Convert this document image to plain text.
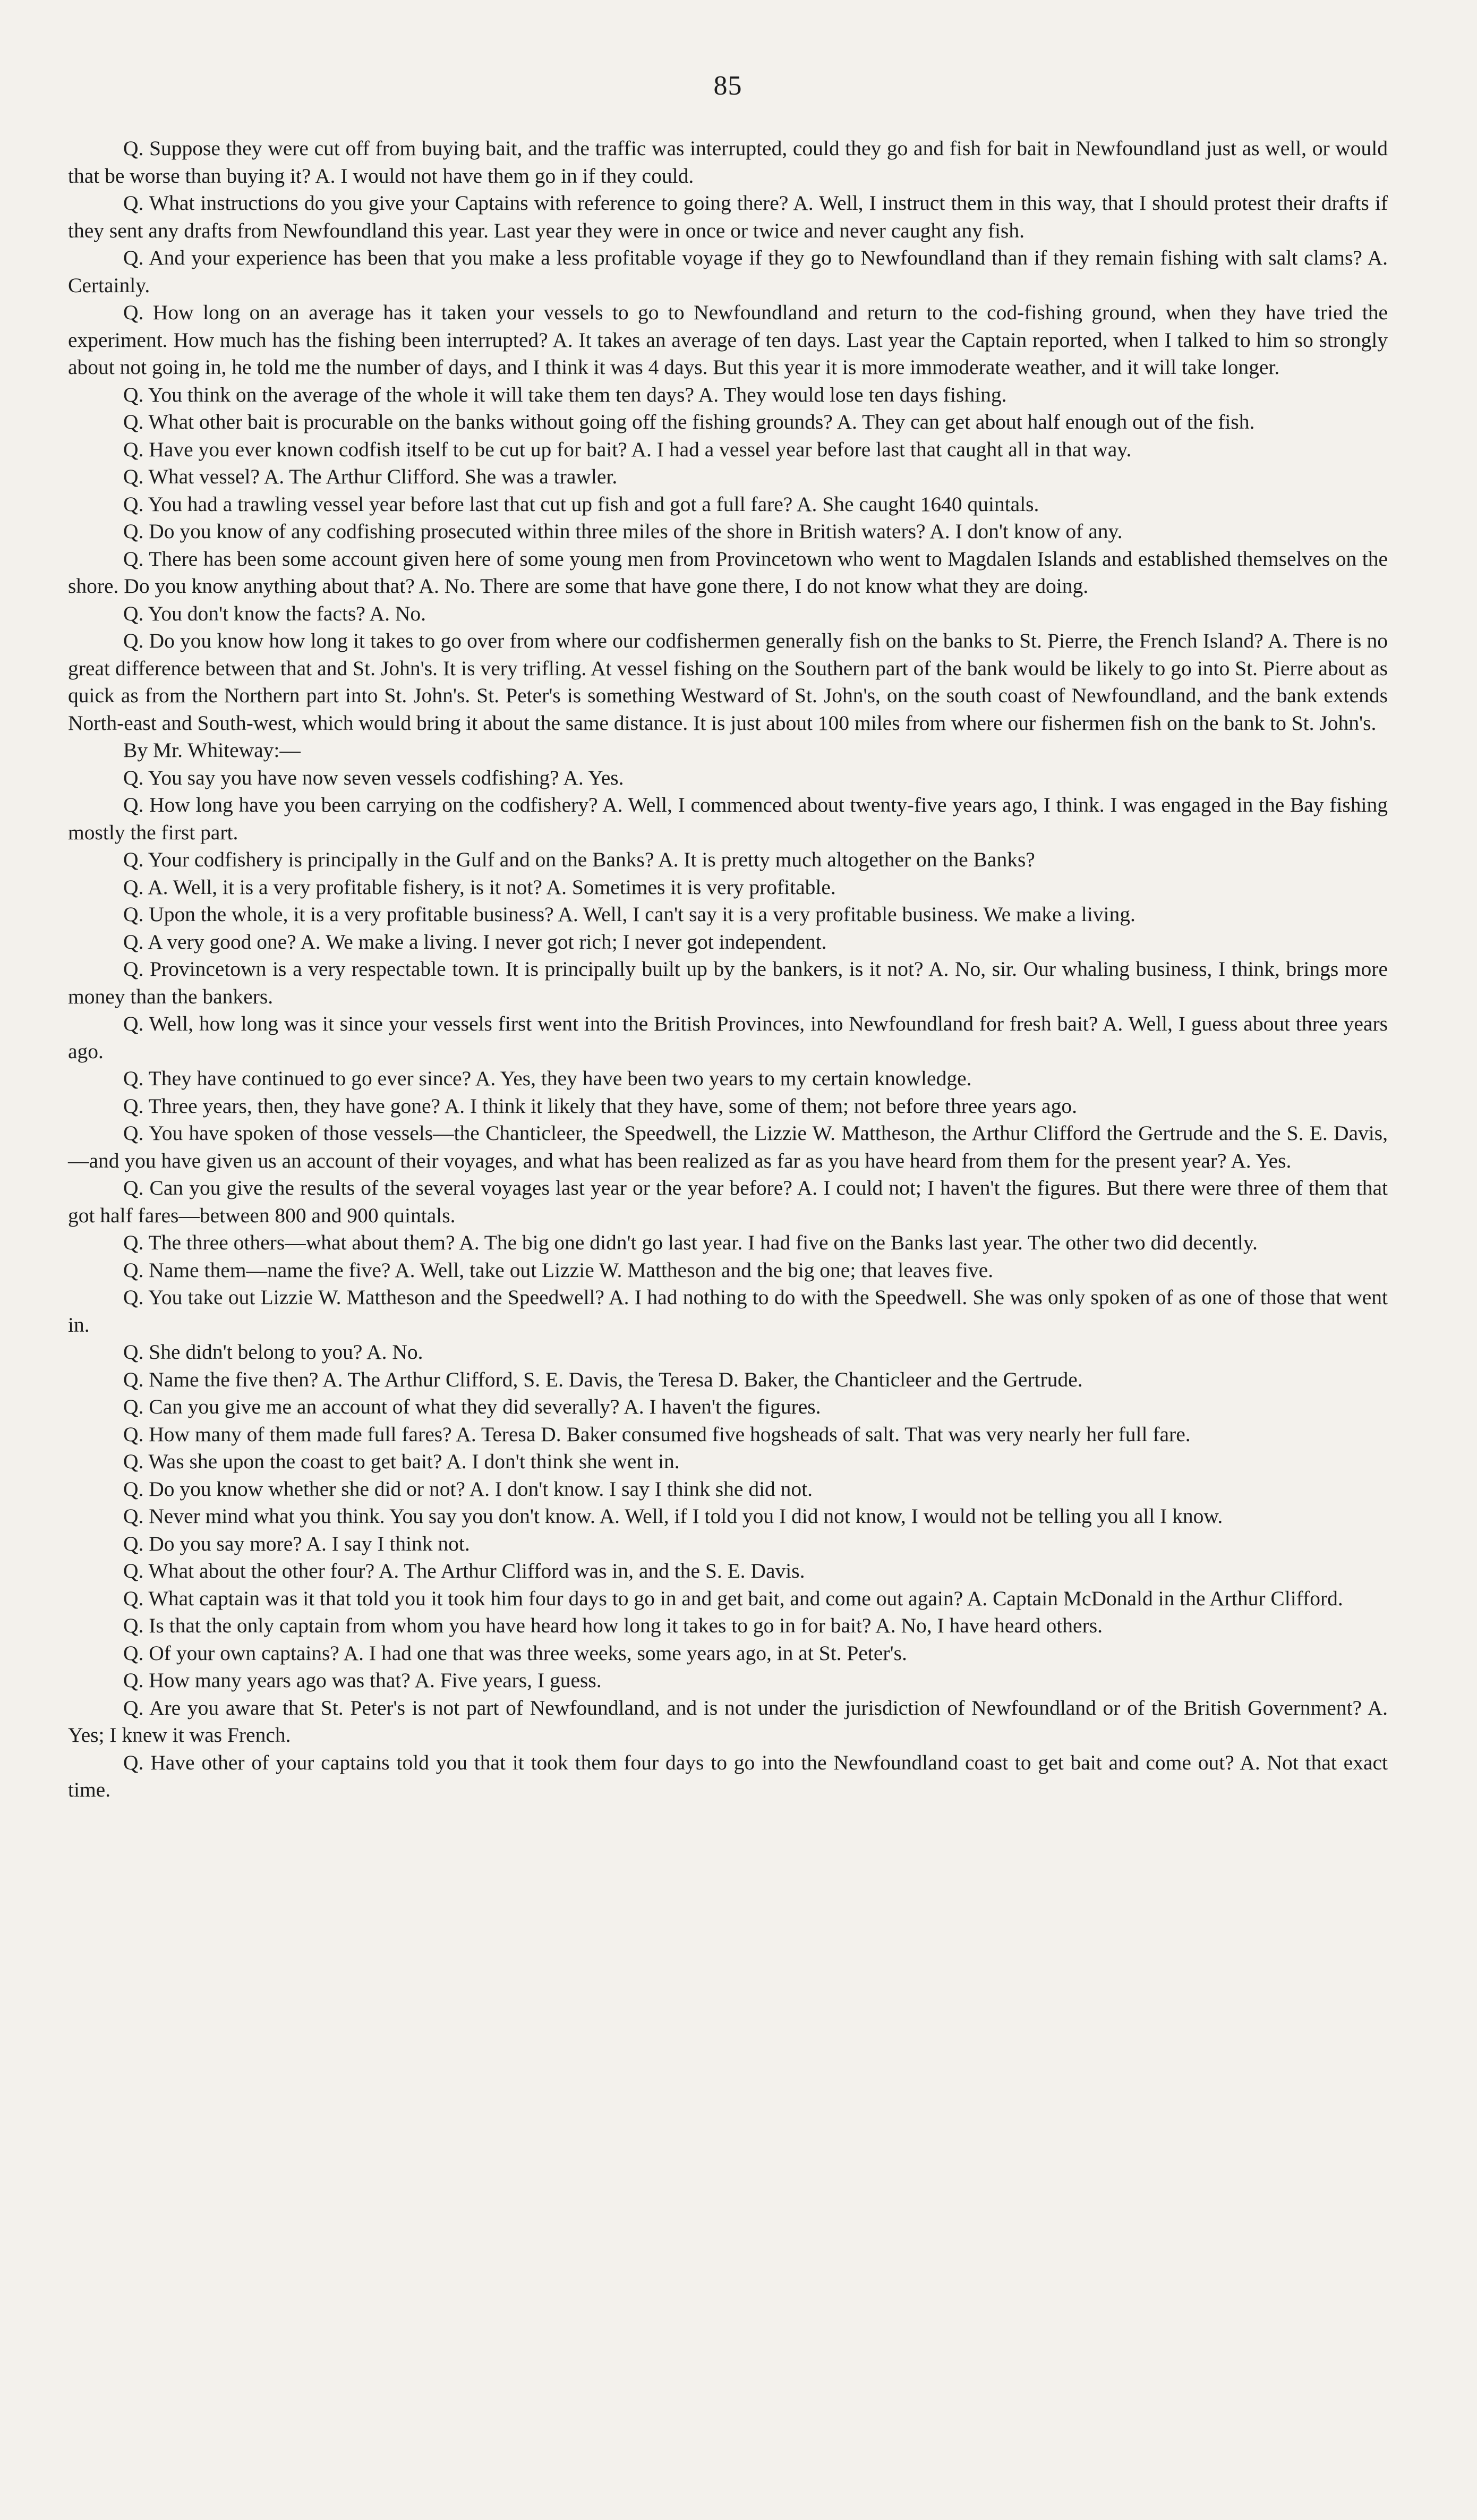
85

Q. Suppose they were cut off from buying bait, and the traffic was interrupted, could they go and fish for bait in Newfoundland just as well, or would that be worse than buying it? A. I would not have them go in if they could.

Q. What instructions do you give your Captains with reference to going there? A. Well, I instruct them in this way, that I should protest their drafts if they sent any drafts from Newfoundland this year. Last year they were in once or twice and never caught any fish.

Q. And your experience has been that you make a less profitable voyage if they go to Newfoundland than if they remain fishing with salt clams? A. Certainly.

Q. How long on an average has it taken your vessels to go to Newfoundland and return to the cod-fishing ground, when they have tried the experiment. How much has the fishing been interrupted? A. It takes an average of ten days. Last year the Captain reported, when I talked to him so strongly about not going in, he told me the number of days, and I think it was 4 days. But this year it is more immoderate weather, and it will take longer.

Q. You think on the average of the whole it will take them ten days? A. They would lose ten days fishing.

Q. What other bait is procurable on the banks without going off the fishing grounds? A. They can get about half enough out of the fish.

Q. Have you ever known codfish itself to be cut up for bait? A. I had a vessel year before last that caught all in that way.

Q. What vessel? A. The Arthur Clifford. She was a trawler.

Q. You had a trawling vessel year before last that cut up fish and got a full fare? A. She caught 1640 quintals.

Q. Do you know of any codfishing prosecuted within three miles of the shore in British waters? A. I don't know of any.

Q. There has been some account given here of some young men from Provincetown who went to Magdalen Islands and established themselves on the shore. Do you know anything about that? A. No. There are some that have gone there, I do not know what they are doing.

Q. You don't know the facts? A. No.

Q. Do you know how long it takes to go over from where our codfishermen generally fish on the banks to St. Pierre, the French Island? A. There is no great difference between that and St. John's. It is very trifling. At vessel fishing on the Southern part of the bank would be likely to go into St. Pierre about as quick as from the Northern part into St. John's. St. Peter's is something Westward of St. John's, on the south coast of Newfoundland, and the bank extends North-east and South-west, which would bring it about the same distance. It is just about 100 miles from where our fishermen fish on the bank to St. John's.

By Mr. Whiteway:—

Q. You say you have now seven vessels codfishing? A. Yes.

Q. How long have you been carrying on the codfishery? A. Well, I commenced about twenty-five years ago, I think. I was engaged in the Bay fishing mostly the first part.

Q. Your codfishery is principally in the Gulf and on the Banks? A. It is pretty much altogether on the Banks?

Q. A. Well, it is a very profitable fishery, is it not? A. Sometimes it is very profitable.

Q. Upon the whole, it is a very profitable business? A. Well, I can't say it is a very profitable business. We make a living.

Q. A very good one? A. We make a living. I never got rich; I never got independent.

Q. Provincetown is a very respectable town. It is principally built up by the bankers, is it not? A. No, sir. Our whaling business, I think, brings more money than the bankers.

Q. Well, how long was it since your vessels first went into the British Provinces, into Newfoundland for fresh bait? A. Well, I guess about three years ago.

Q. They have continued to go ever since? A. Yes, they have been two years to my certain knowledge.

Q. Three years, then, they have gone? A. I think it likely that they have, some of them; not before three years ago.

Q. You have spoken of those vessels—the Chanticleer, the Speedwell, the Lizzie W. Mattheson, the Arthur Clifford the Gertrude and the S. E. Davis,—and you have given us an account of their voyages, and what has been realized as far as you have heard from them for the present year? A. Yes.

Q. Can you give the results of the several voyages last year or the year before? A. I could not; I haven't the figures. But there were three of them that got half fares—between 800 and 900 quintals.

Q. The three others—what about them? A. The big one didn't go last year. I had five on the Banks last year. The other two did decently.

Q. Name them—name the five? A. Well, take out Lizzie W. Mattheson and the big one; that leaves five.

Q. You take out Lizzie W. Mattheson and the Speedwell? A. I had nothing to do with the Speedwell. She was only spoken of as one of those that went in.

Q. She didn't belong to you? A. No.

Q. Name the five then? A. The Arthur Clifford, S. E. Davis, the Teresa D. Baker, the Chanticleer and the Gertrude.

Q. Can you give me an account of what they did severally? A. I haven't the figures.

Q. How many of them made full fares? A. Teresa D. Baker consumed five hogsheads of salt. That was very nearly her full fare.

Q. Was she upon the coast to get bait? A. I don't think she went in.

Q. Do you know whether she did or not? A. I don't know. I say I think she did not.

Q. Never mind what you think. You say you don't know. A. Well, if I told you I did not know, I would not be telling you all I know.

Q. Do you say more? A. I say I think not.

Q. What about the other four? A. The Arthur Clifford was in, and the S. E. Davis.

Q. What captain was it that told you it took him four days to go in and get bait, and come out again? A. Captain McDonald in the Arthur Clifford.

Q. Is that the only captain from whom you have heard how long it takes to go in for bait? A. No, I have heard others.

Q. Of your own captains? A. I had one that was three weeks, some years ago, in at St. Peter's.

Q. How many years ago was that? A. Five years, I guess.

Q. Are you aware that St. Peter's is not part of Newfoundland, and is not under the jurisdiction of Newfoundland or of the British Government? A. Yes; I knew it was French.

Q. Have other of your captains told you that it took them four days to go into the Newfoundland coast to get bait and come out? A. Not that exact time.
